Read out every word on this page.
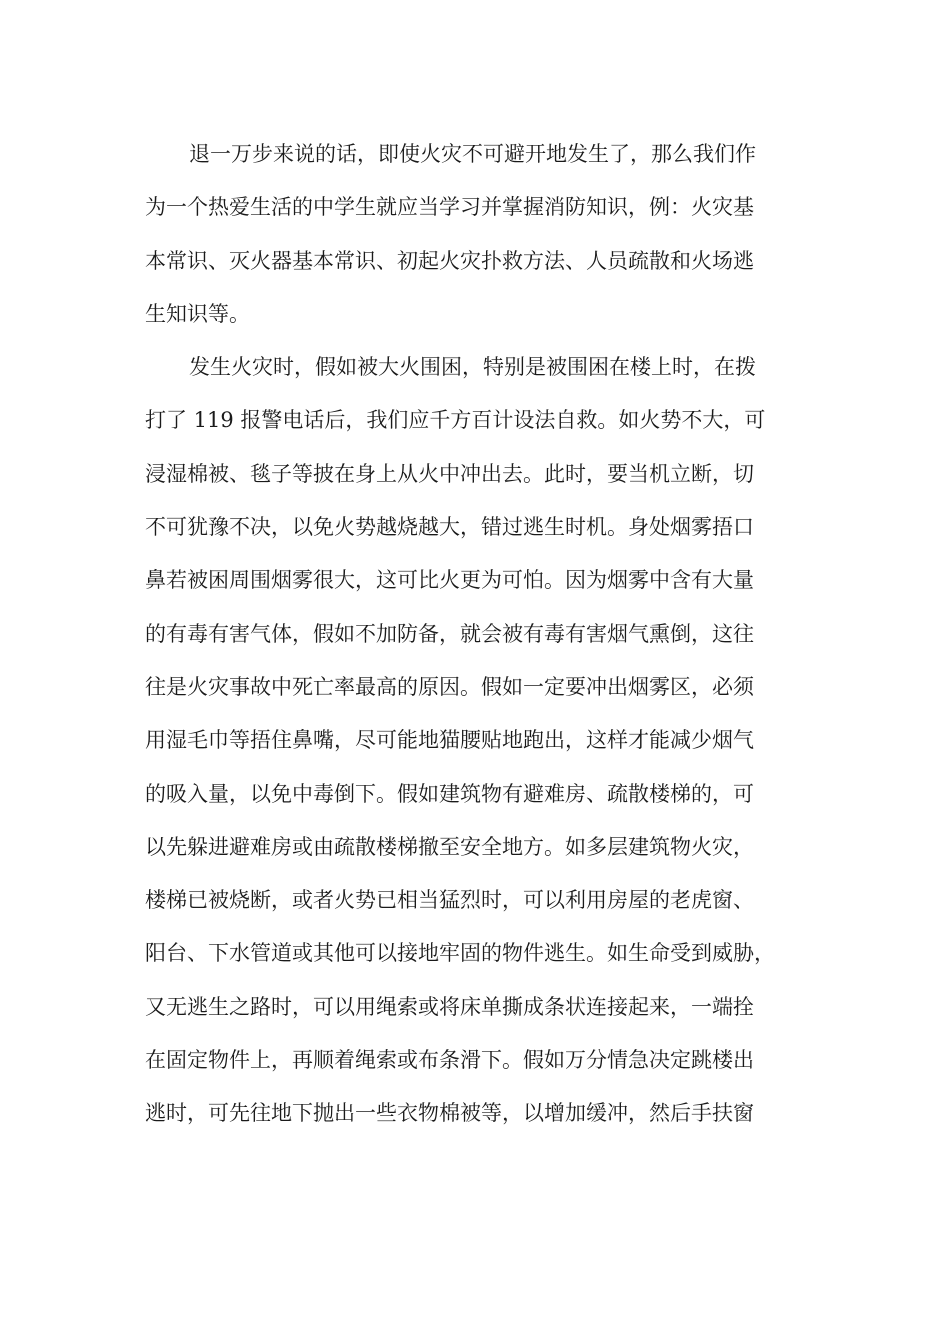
退一万步来说的话，即使火灾不可避开地发生了，那么我们作
为一个热爱生活的中学生就应当学习并掌握消防知识，例：火灾基
本常识、灭火器基本常识、初起火灾扑救方法、人员疏散和火场逃
生知识等。
发生火灾时，假如被大火围困，特别是被围困在楼上时，在拨
打了 119 报警电话后，我们应千方百计设法自救。如火势不大，可
浸湿棉被、毯子等披在身上从火中冲出去。此时，要当机立断，切
不可犹豫不决，以免火势越烧越大，错过逃生时机。身处烟雾捂口
鼻若被困周围烟雾很大，这可比火更为可怕。因为烟雾中含有大量
的有毒有害气体，假如不加防备，就会被有毒有害烟气熏倒，这往
往是火灾事故中死亡率最高的原因。假如一定要冲出烟雾区，必须
用湿毛巾等捂住鼻嘴，尽可能地猫腰贴地跑出，这样才能减少烟气
的吸入量，以免中毒倒下。假如建筑物有避难房、疏散楼梯的，可
以先躲进避难房或由疏散楼梯撤至安全地方。如多层建筑物火灾，
楼梯已被烧断，或者火势已相当猛烈时，可以利用房屋的老虎窗、
阳台、下水管道或其他可以接地牢固的物件逃生。如生命受到威胁，
又无逃生之路时，可以用绳索或将床单撕成条状连接起来，一端拴
在固定物件上，再顺着绳索或布条滑下。假如万分情急决定跳楼出
逃时，可先往地下抛出一些衣物棉被等，以增加缓冲，然后手扶窗
